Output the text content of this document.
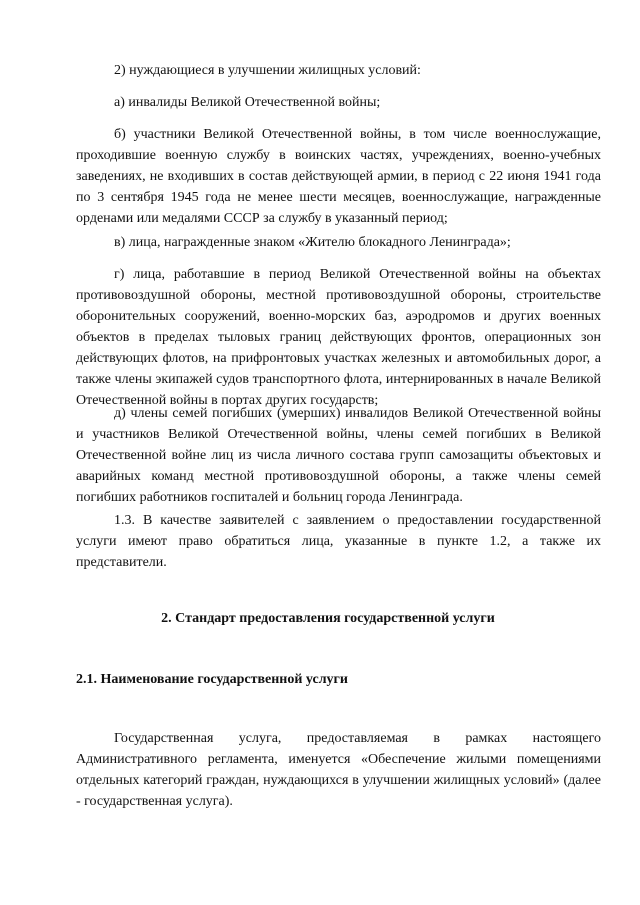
2) нуждающиеся в улучшении жилищных условий:

а) инвалиды Великой Отечественной войны;

б) участники Великой Отечественной войны, в том числе военнослужащие, проходившие военную службу в воинских частях, учреждениях, военно-учебных заведениях, не входивших в состав действующей армии, в период с 22 июня 1941 года по 3 сентября 1945 года не менее шести месяцев, военнослужащие, награжденные орденами или медалями СССР за службу в указанный период;

в) лица, награжденные знаком «Жителю блокадного Ленинграда»;

г) лица, работавшие в период Великой Отечественной войны на объектах противовоздушной обороны, местной противовоздушной обороны, строительстве оборонительных сооружений, военно-морских баз, аэродромов и других военных объектов в пределах тыловых границ действующих фронтов, операционных зон действующих флотов, на прифронтовых участках железных и автомобильных дорог, а также члены экипажей судов транспортного флота, интернированных в начале Великой Отечественной войны в портах других государств;

д) члены семей погибших (умерших) инвалидов Великой Отечественной войны и участников Великой Отечественной войны, члены семей погибших в Великой Отечественной войне лиц из числа личного состава групп самозащиты объектовых и аварийных команд местной противовоздушной обороны, а также члены семей погибших работников госпиталей и больниц города Ленинграда.

1.3. В качестве заявителей с заявлением о предоставлении государственной услуги имеют право обратиться лица, указанные в пункте 1.2, а также их представители.

2. Стандарт предоставления государственной услуги
2.1. Наименование государственной услуги

Государственная услуга, предоставляемая в рамках настоящего Административного регламента, именуется «Обеспечение жилыми помещениями отдельных категорий граждан, нуждающихся в улучшении жилищных условий» (далее - государственная услуга).
